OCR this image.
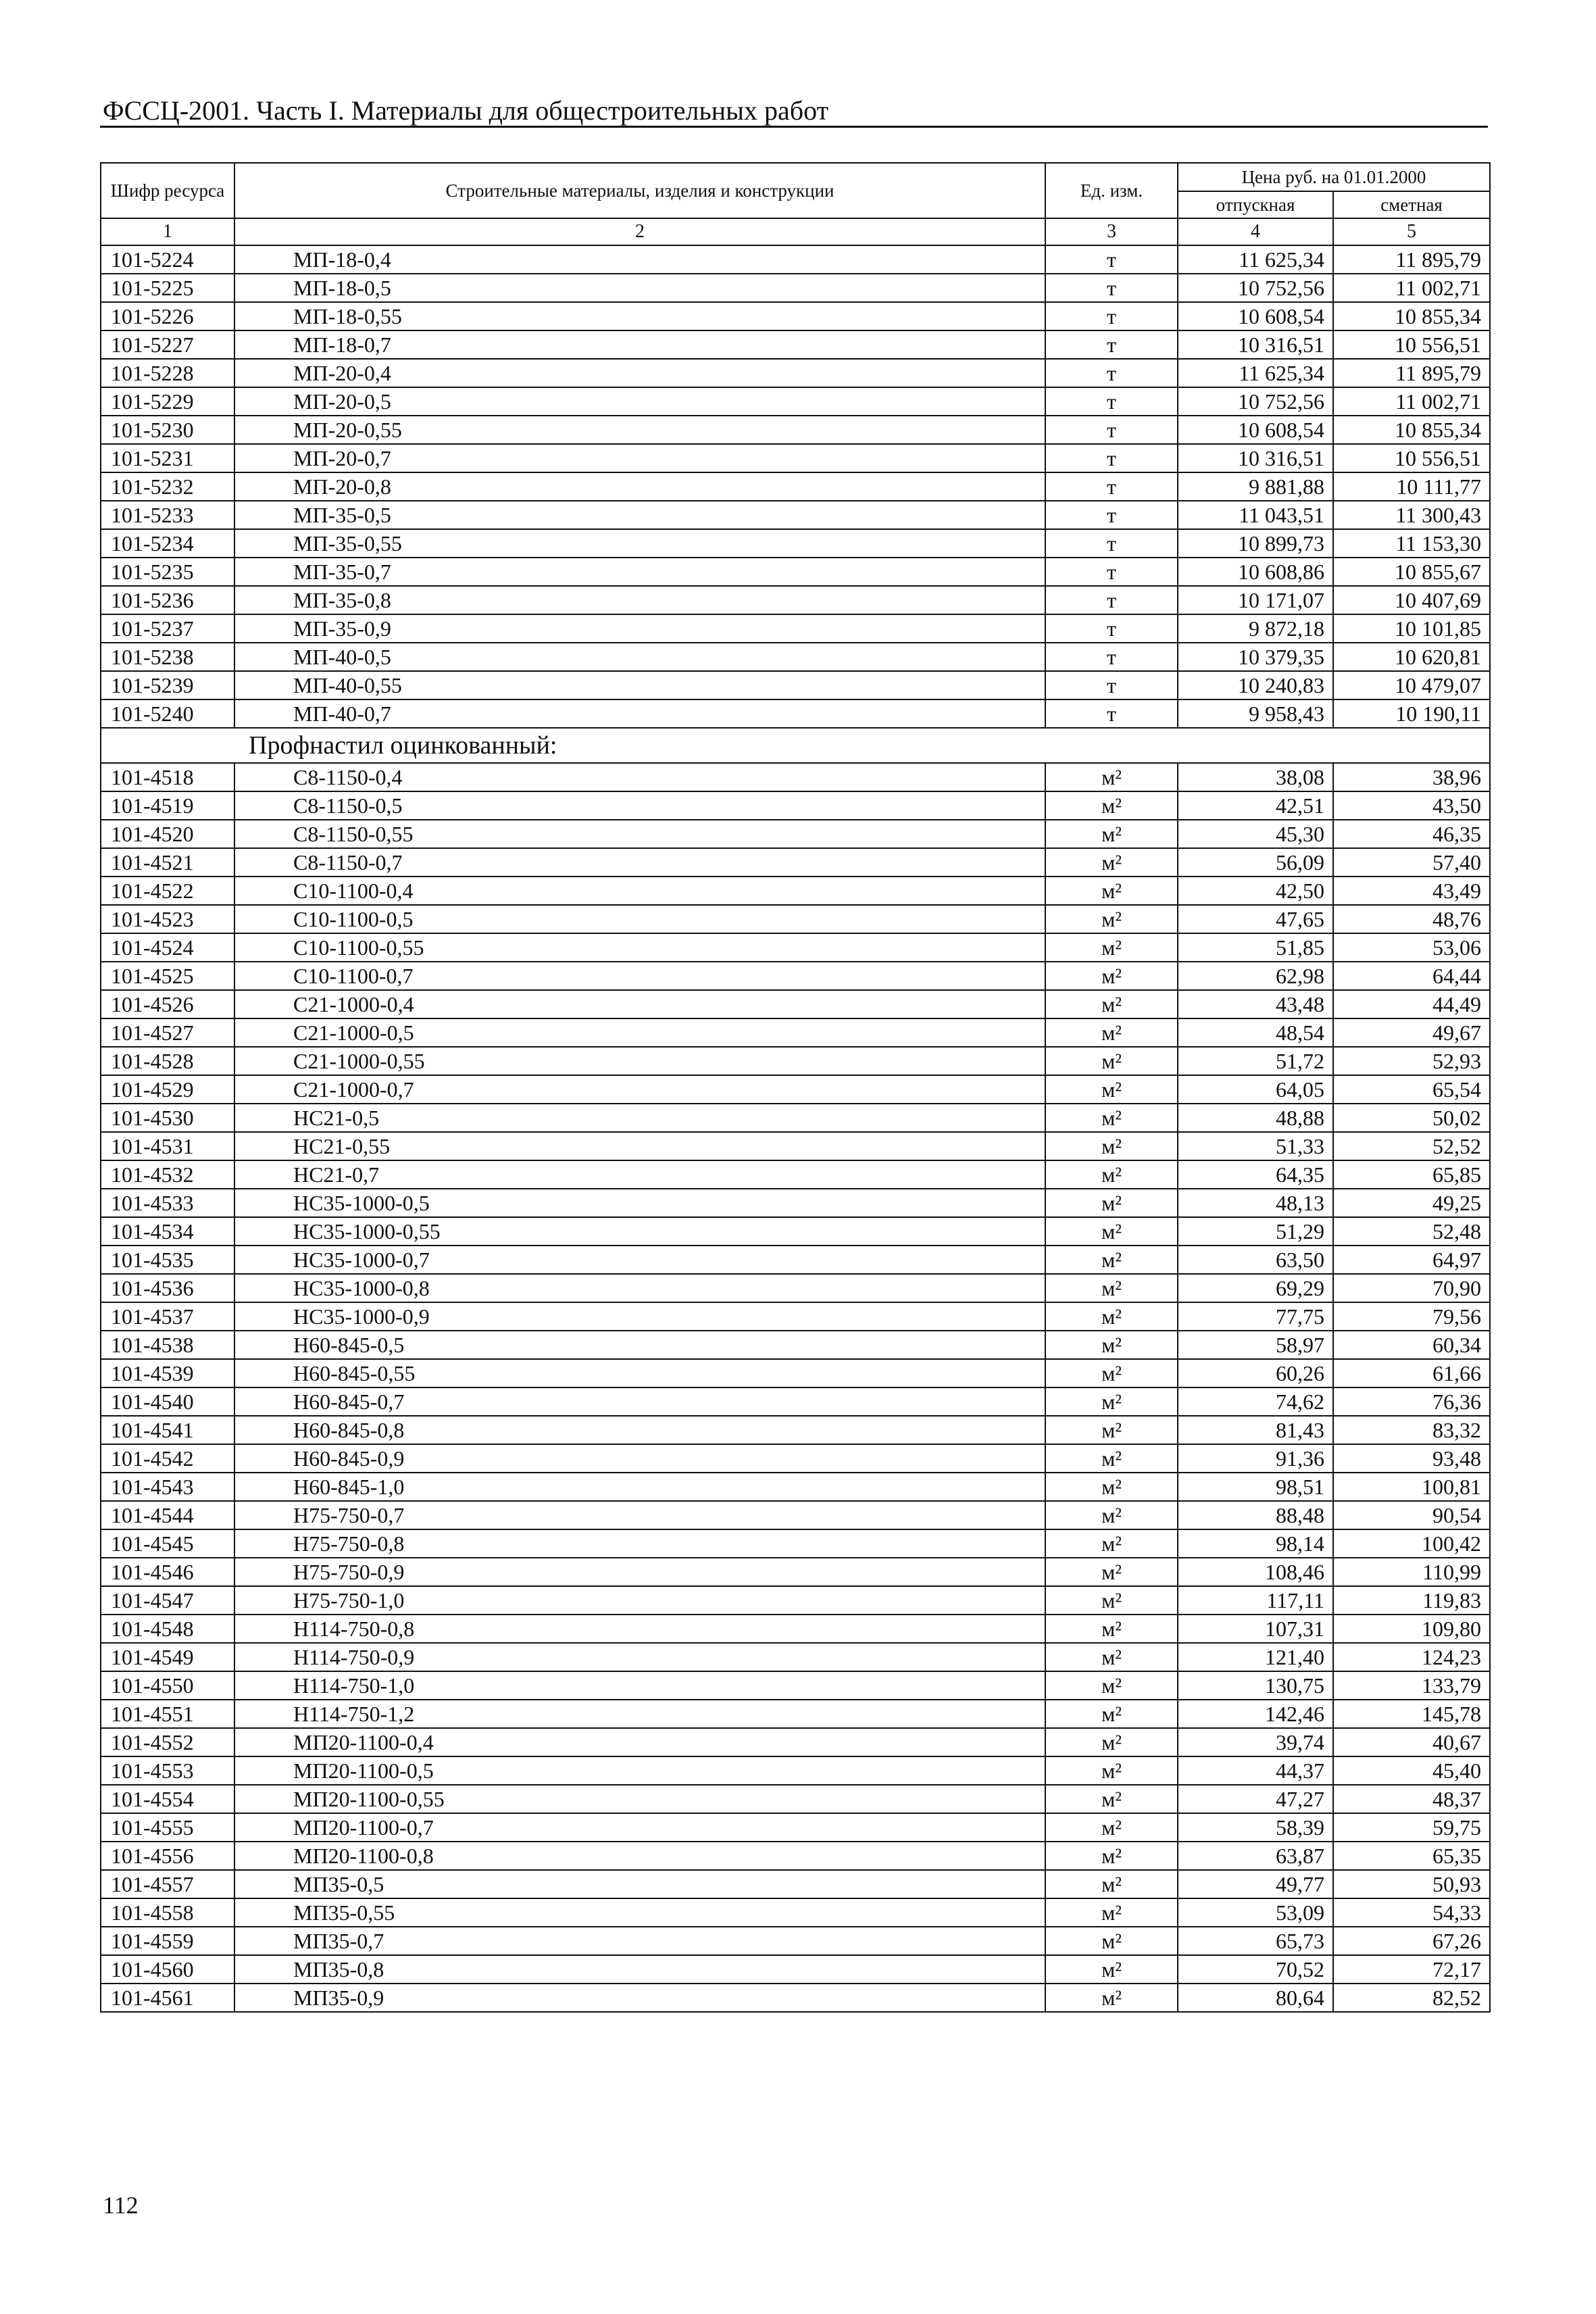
ФССЦ-2001. Часть I. Материалы для общестроительных работ
Шифр ресурса	Строительные материалы, изделия и конструкции	Ед. изм.	Цена руб. на 01.01.2000	
			отпускная	сметная
1	2	3	4	5
101-5224	МП-18-0,4	т	11 625,34	11 895,79
101-5225	МП-18-0,5	т	10 752,56	11 002,71
101-5226	МП-18-0,55	т	10 608,54	10 855,34
101-5227	МП-18-0,7	т	10 316,51	10 556,51
101-5228	МП-20-0,4	т	11 625,34	11 895,79
101-5229	МП-20-0,5	т	10 752,56	11 002,71
101-5230	МП-20-0,55	т	10 608,54	10 855,34
101-5231	МП-20-0,7	т	10 316,51	10 556,51
101-5232	МП-20-0,8	т	9 881,88	10 111,77
101-5233	МП-35-0,5	т	11 043,51	11 300,43
101-5234	МП-35-0,55	т	10 899,73	11 153,30
101-5235	МП-35-0,7	т	10 608,86	10 855,67
101-5236	МП-35-0,8	т	10 171,07	10 407,69
101-5237	МП-35-0,9	т	9 872,18	10 101,85
101-5238	МП-40-0,5	т	10 379,35	10 620,81
101-5239	МП-40-0,55	т	10 240,83	10 479,07
101-5240	МП-40-0,7	т	9 958,43	10 190,11
Профнастил оцинкованный:				
101-4518	С8-1150-0,4	м²	38,08	38,96
101-4519	С8-1150-0,5	м²	42,51	43,50
101-4520	С8-1150-0,55	м²	45,30	46,35
101-4521	С8-1150-0,7	м²	56,09	57,40
101-4522	С10-1100-0,4	м²	42,50	43,49
101-4523	С10-1100-0,5	м²	47,65	48,76
101-4524	С10-1100-0,55	м²	51,85	53,06
101-4525	С10-1100-0,7	м²	62,98	64,44
101-4526	С21-1000-0,4	м²	43,48	44,49
101-4527	С21-1000-0,5	м²	48,54	49,67
101-4528	С21-1000-0,55	м²	51,72	52,93
101-4529	С21-1000-0,7	м²	64,05	65,54
101-4530	НС21-0,5	м²	48,88	50,02
101-4531	НС21-0,55	м²	51,33	52,52
101-4532	НС21-0,7	м²	64,35	65,85
101-4533	НС35-1000-0,5	м²	48,13	49,25
101-4534	НС35-1000-0,55	м²	51,29	52,48
101-4535	НС35-1000-0,7	м²	63,50	64,97
101-4536	НС35-1000-0,8	м²	69,29	70,90
101-4537	НС35-1000-0,9	м²	77,75	79,56
101-4538	Н60-845-0,5	м²	58,97	60,34
101-4539	Н60-845-0,55	м²	60,26	61,66
101-4540	Н60-845-0,7	м²	74,62	76,36
101-4541	Н60-845-0,8	м²	81,43	83,32
101-4542	Н60-845-0,9	м²	91,36	93,48
101-4543	Н60-845-1,0	м²	98,51	100,81
101-4544	Н75-750-0,7	м²	88,48	90,54
101-4545	Н75-750-0,8	м²	98,14	100,42
101-4546	Н75-750-0,9	м²	108,46	110,99
101-4547	Н75-750-1,0	м²	117,11	119,83
101-4548	Н114-750-0,8	м²	107,31	109,80
101-4549	Н114-750-0,9	м²	121,40	124,23
101-4550	Н114-750-1,0	м²	130,75	133,79
101-4551	Н114-750-1,2	м²	142,46	145,78
101-4552	МП20-1100-0,4	м²	39,74	40,67
101-4553	МП20-1100-0,5	м²	44,37	45,40
101-4554	МП20-1100-0,55	м²	47,27	48,37
101-4555	МП20-1100-0,7	м²	58,39	59,75
101-4556	МП20-1100-0,8	м²	63,87	65,35
101-4557	МП35-0,5	м²	49,77	50,93
101-4558	МП35-0,55	м²	53,09	54,33
101-4559	МП35-0,7	м²	65,73	67,26
101-4560	МП35-0,8	м²	70,52	72,17
101-4561	МП35-0,9	м²	80,64	82,52
112
